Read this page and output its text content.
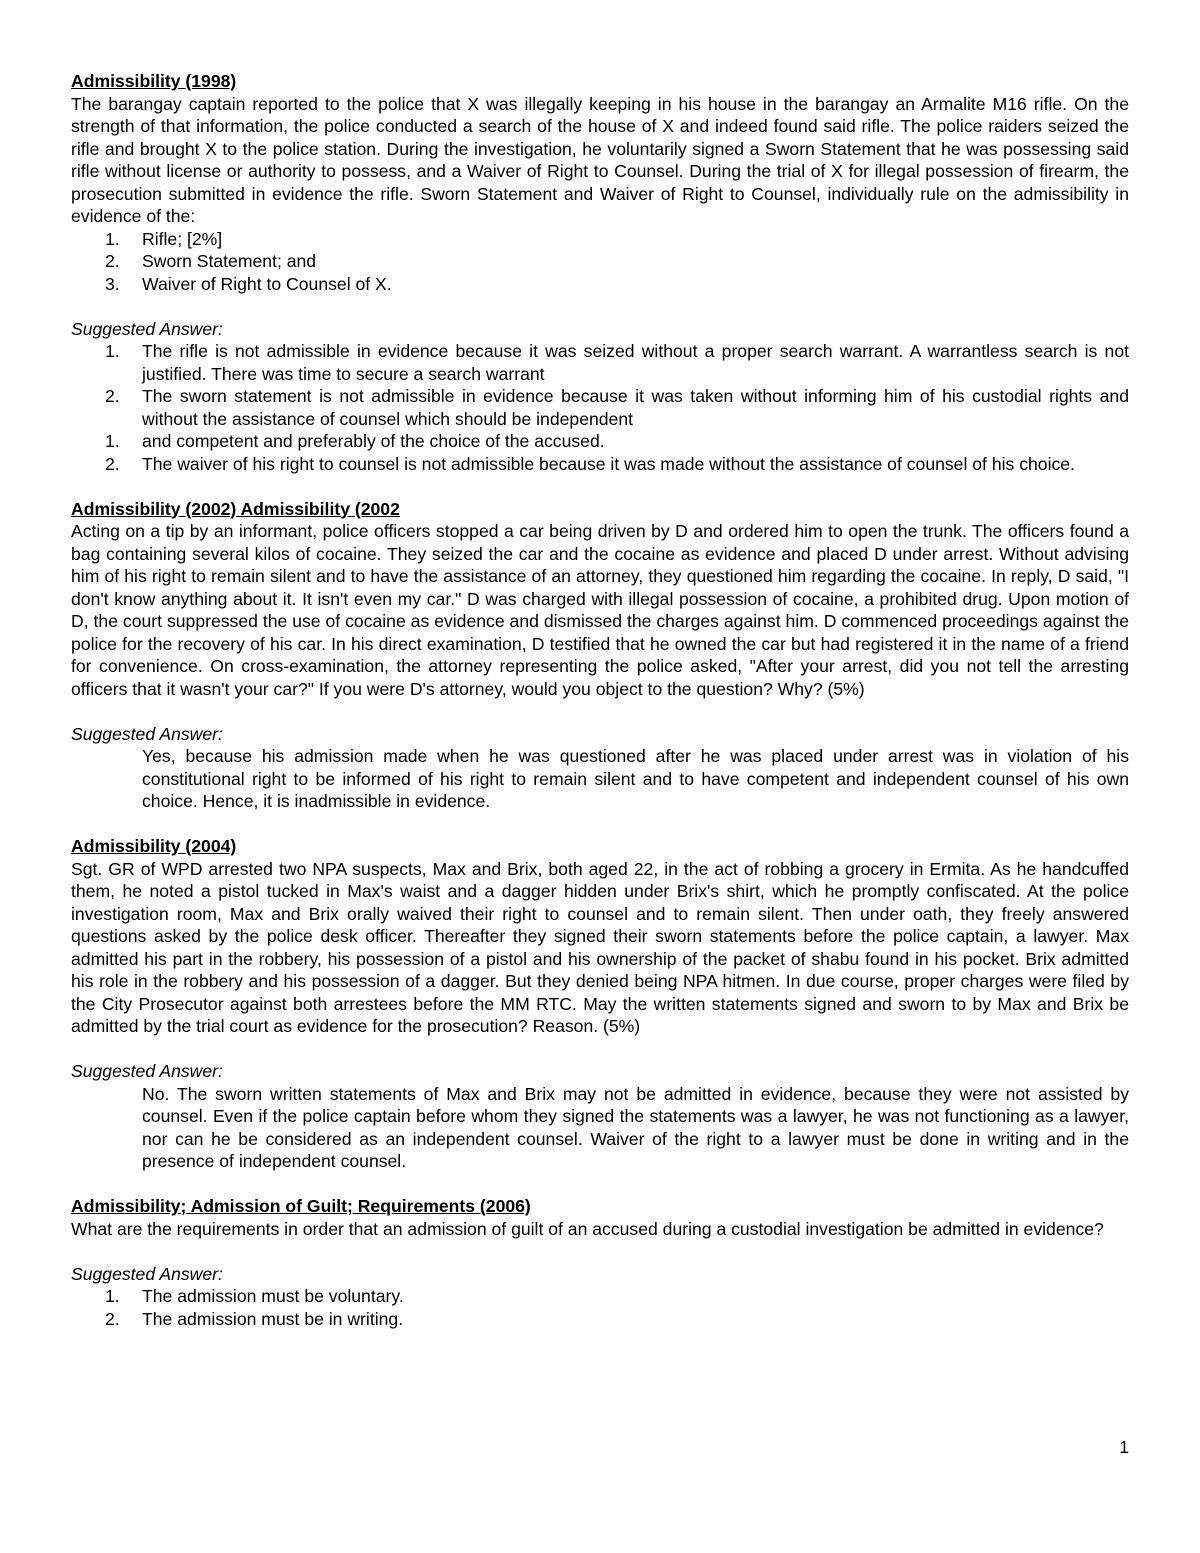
Admissibility (1998)
The barangay captain reported to the police that X was illegally keeping in his house in the barangay an Armalite M16 rifle. On the strength of that information, the police conducted a search of the house of X and indeed found said rifle. The police raiders seized the rifle and brought X to the police station. During the investigation, he voluntarily signed a Sworn Statement that he was possessing said rifle without license or authority to possess, and a Waiver of Right to Counsel. During the trial of X for illegal possession of firearm, the prosecution submitted in evidence the rifle. Sworn Statement and Waiver of Right to Counsel, individually rule on the admissibility in evidence of the:
1. Rifle; [2%]
2. Sworn Statement; and
3. Waiver of Right to Counsel of X.
Suggested Answer:
1. The rifle is not admissible in evidence because it was seized without a proper search warrant. A warrantless search is not justified. There was time to secure a search warrant
2. The sworn statement is not admissible in evidence because it was taken without informing him of his custodial rights and without the assistance of counsel which should be independent
1. and competent and preferably of the choice of the accused.
2. The waiver of his right to counsel is not admissible because it was made without the assistance of counsel of his choice.
Admissibility (2002) Admissibility (2002
Acting on a tip by an informant, police officers stopped a car being driven by D and ordered him to open the trunk. The officers found a bag containing several kilos of cocaine. They seized the car and the cocaine as evidence and placed D under arrest. Without advising him of his right to remain silent and to have the assistance of an attorney, they questioned him regarding the cocaine. In reply, D said, "I don't know anything about it. It isn't even my car." D was charged with illegal possession of cocaine, a prohibited drug. Upon motion of D, the court suppressed the use of cocaine as evidence and dismissed the charges against him. D commenced proceedings against the police for the recovery of his car. In his direct examination, D testified that he owned the car but had registered it in the name of a friend for convenience. On cross-examination, the attorney representing the police asked, "After your arrest, did you not tell the arresting officers that it wasn't your car?" If you were D's attorney, would you object to the question? Why? (5%)
Suggested Answer:
Yes, because his admission made when he was questioned after he was placed under arrest was in violation of his constitutional right to be informed of his right to remain silent and to have competent and independent counsel of his own choice. Hence, it is inadmissible in evidence.
Admissibility (2004)
Sgt. GR of WPD arrested two NPA suspects, Max and Brix, both aged 22, in the act of robbing a grocery in Ermita. As he handcuffed them, he noted a pistol tucked in Max's waist and a dagger hidden under Brix's shirt, which he promptly confiscated. At the police investigation room, Max and Brix orally waived their right to counsel and to remain silent. Then under oath, they freely answered questions asked by the police desk officer. Thereafter they signed their sworn statements before the police captain, a lawyer. Max admitted his part in the robbery, his possession of a pistol and his ownership of the packet of shabu found in his pocket. Brix admitted his role in the robbery and his possession of a dagger. But they denied being NPA hitmen. In due course, proper charges were filed by the City Prosecutor against both arrestees before the MM RTC. May the written statements signed and sworn to by Max and Brix be admitted by the trial court as evidence for the prosecution? Reason. (5%)
Suggested Answer:
No. The sworn written statements of Max and Brix may not be admitted in evidence, because they were not assisted by counsel. Even if the police captain before whom they signed the statements was a lawyer, he was not functioning as a lawyer, nor can he be considered as an independent counsel. Waiver of the right to a lawyer must be done in writing and in the presence of independent counsel.
Admissibility; Admission of Guilt; Requirements (2006)
What are the requirements in order that an admission of guilt of an accused during a custodial investigation be admitted in evidence?
Suggested Answer:
1. The admission must be voluntary.
2. The admission must be in writing.
1
